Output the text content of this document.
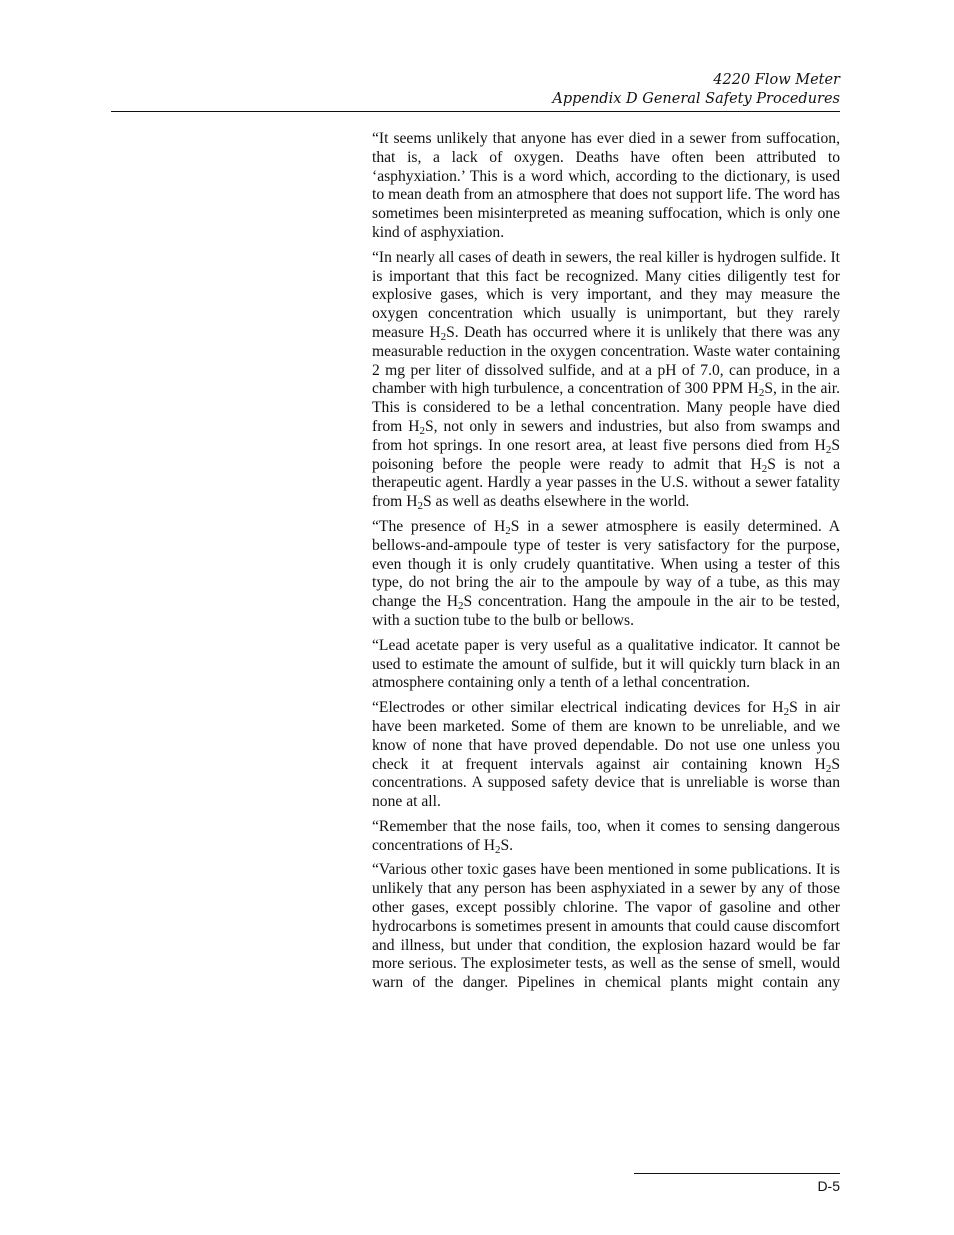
4220 Flow Meter
Appendix D General Safety Procedures

“It seems unlikely that anyone has ever died in a sewer from suffocation, that is, a lack of oxygen. Deaths have often been attributed to ‘asphyxiation.’ This is a word which, according to the dictionary, is used to mean death from an atmosphere that does not support life. The word has sometimes been misinterpreted as meaning suffocation, which is only one kind of asphyxiation.

“In nearly all cases of death in sewers, the real killer is hydrogen sulfide. It is important that this fact be recognized. Many cities diligently test for explosive gases, which is very important, and they may measure the oxygen concentration which usually is unimportant, but they rarely measure $H_2S$. Death has occurred where it is unlikely that there was any measurable reduction in the oxygen concentration. Waste water containing 2 mg per liter of dissolved sulfide, and at a pH of 7.0, can produce, in a chamber with high turbulence, a concentration of 300 PPM $H_2S$, in the air. This is considered to be a lethal concentration. Many people have died from $H_2S$, not only in sewers and industries, but also from swamps and from hot springs. In one resort area, at least five persons died from $H_2S$ poisoning before the people were ready to admit that $H_2S$ is not a therapeutic agent. Hardly a year passes in the U.S. without a sewer fatality from $H_2S$ as well as deaths elsewhere in the world.

“The presence of $H_2S$ in a sewer atmosphere is easily determined. A bellows-and-ampoule type of tester is very satisfactory for the purpose, even though it is only crudely quantitative. When using a tester of this type, do not bring the air to the ampoule by way of a tube, as this may change the $H_2S$ concentration. Hang the ampoule in the air to be tested, with a suction tube to the bulb or bellows.

“Lead acetate paper is very useful as a qualitative indicator. It cannot be used to estimate the amount of sulfide, but it will quickly turn black in an atmosphere containing only a tenth of a lethal concentration.

“Electrodes or other similar electrical indicating devices for $H_2S$ in air have been marketed. Some of them are known to be unreliable, and we know of none that have proved dependable. Do not use one unless you check it at frequent intervals against air containing known $H_2S$ concentrations. A supposed safety device that is unreliable is worse than none at all.

“Remember that the nose fails, too, when it comes to sensing dangerous concentrations of $H_2S$.

“Various other toxic gases have been mentioned in some publications. It is unlikely that any person has been asphyxiated in a sewer by any of those other gases, except possibly chlorine. The vapor of gasoline and other hydrocarbons is sometimes present in amounts that could cause discomfort and illness, but under that condition, the explosion hazard would be far more serious. The explosimeter tests, as well as the sense of smell, would warn of the danger. Pipelines in chemical plants might contain any

D-5
